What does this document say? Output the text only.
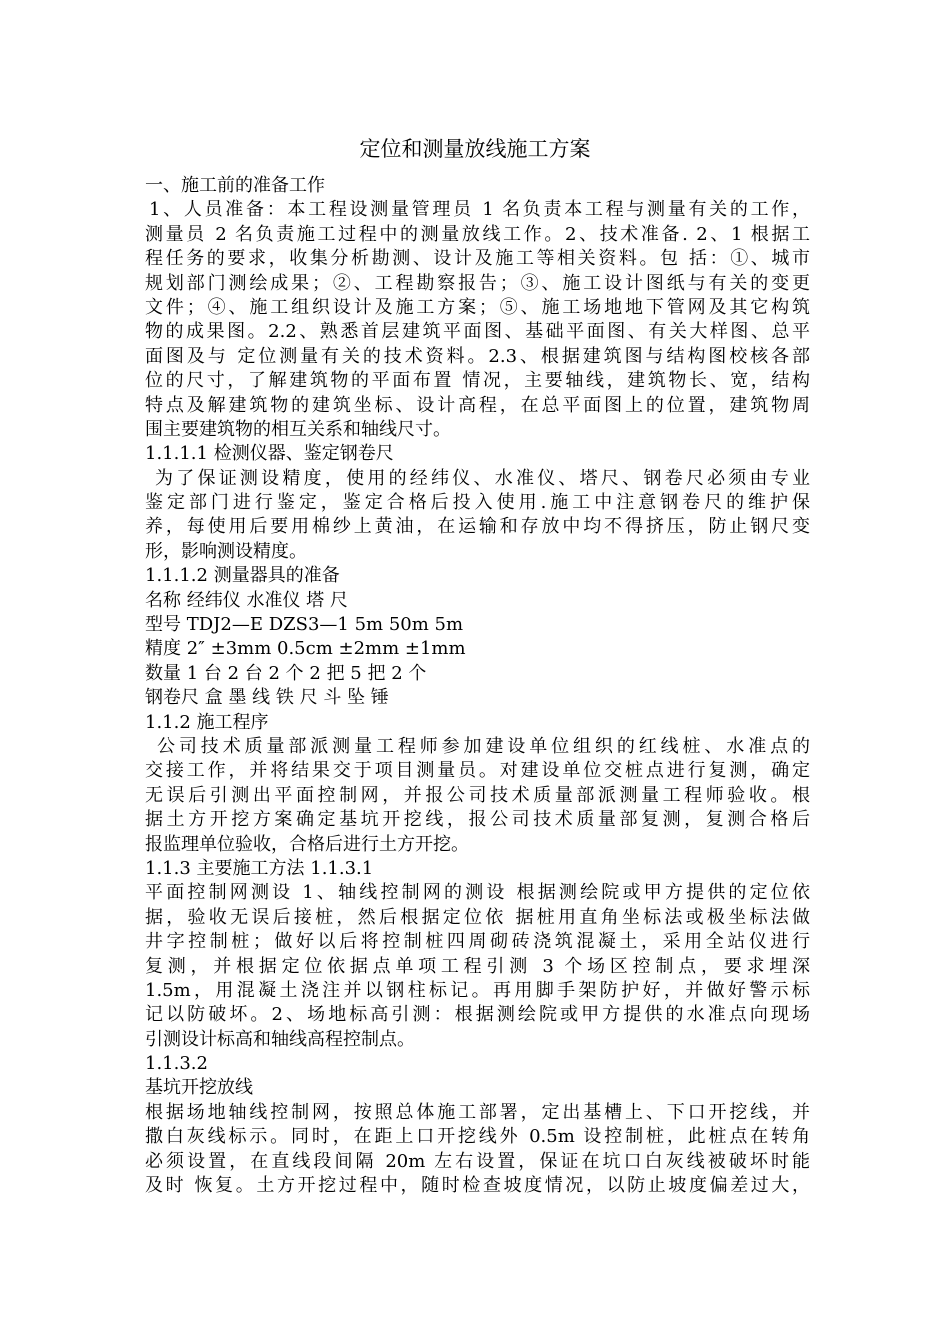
定位和测量放线施工方案
一、施工前的准备工作
1、人员准备：本工程设测量管理员 1 名负责本工程与测量有关的工作，
测量员 2 名负责施工过程中的测量放线工作。2、技术准备. 2、1 根据工
程任务的要求，收集分析勘测、设计及施工等相关资料。包 括：①、城市
规划部门测绘成果；②、工程勘察报告；③、施工设计图纸与有关的变更
文件；④、施工组织设计及施工方案；⑤、施工场地地下管网及其它构筑
物的成果图。2.2、熟悉首层建筑平面图、基础平面图、有关大样图、总平
面图及与 定位测量有关的技术资料。2.3、根据建筑图与结构图校核各部
位的尺寸，了解建筑物的平面布置 情况，主要轴线，建筑物长、宽，结构
特点及解建筑物的建筑坐标、设计高程，在总平面图上的位置，建筑物周
围主要建筑物的相互关系和轴线尺寸。
1.1.1.1 检测仪器、鉴定钢卷尺
为了保证测设精度，使用的经纬仪、水准仪、塔尺、钢卷尺必须由专业
鉴定部门进行鉴定，鉴定合格后投入使用.施工中注意钢卷尺的维护保
养，每使用后要用棉纱上黄油，在运输和存放中均不得挤压，防止钢尺变
形，影响测设精度。
1.1.1.2 测量器具的准备
名称 经纬仪 水准仪 塔 尺
型号 TDJ2—E DZS3—1 5m 50m 5m
精度 2″ ±3mm 0.5cm ±2mm ±1mm
数量 1 台 2 台 2 个 2 把 5 把 2 个
钢卷尺 盒 墨 线 铁 尺 斗 坠 锤
1.1.2 施工程序
公司技术质量部派测量工程师参加建设单位组织的红线桩、水准点的
交接工作，并将结果交于项目测量员。对建设单位交桩点进行复测，确定
无误后引测出平面控制网，并报公司技术质量部派测量工程师验收。根
据土方开挖方案确定基坑开挖线，报公司技术质量部复测，复测合格后
报监理单位验收，合格后进行土方开挖。
1.1.3 主要施工方法 1.1.3.1
平面控制网测设 1、轴线控制网的测设 根据测绘院或甲方提供的定位依
据，验收无误后接桩，然后根据定位依 据桩用直角坐标法或极坐标法做
井字控制桩；做好以后将控制桩四周砌砖浇筑混凝土，采用全站仪进行
复测，并根据定位依据点单项工程引测 3 个场区控制点，要求埋深
1.5m，用混凝土浇注并以钢柱标记。再用脚手架防护好，并做好警示标
记以防破坏。2、场地标高引测：根据测绘院或甲方提供的水准点向现场
引测设计标高和轴线高程控制点。
1.1.3.2
基坑开挖放线
根据场地轴线控制网，按照总体施工部署，定出基槽上、下口开挖线，并
撒白灰线标示。同时，在距上口开挖线外 0.5m 设控制桩，此桩点在转角
必须设置，在直线段间隔 20m 左右设置，保证在坑口白灰线被破坏时能
及时 恢复。土方开挖过程中，随时检查坡度情况，以防止坡度偏差过大，
